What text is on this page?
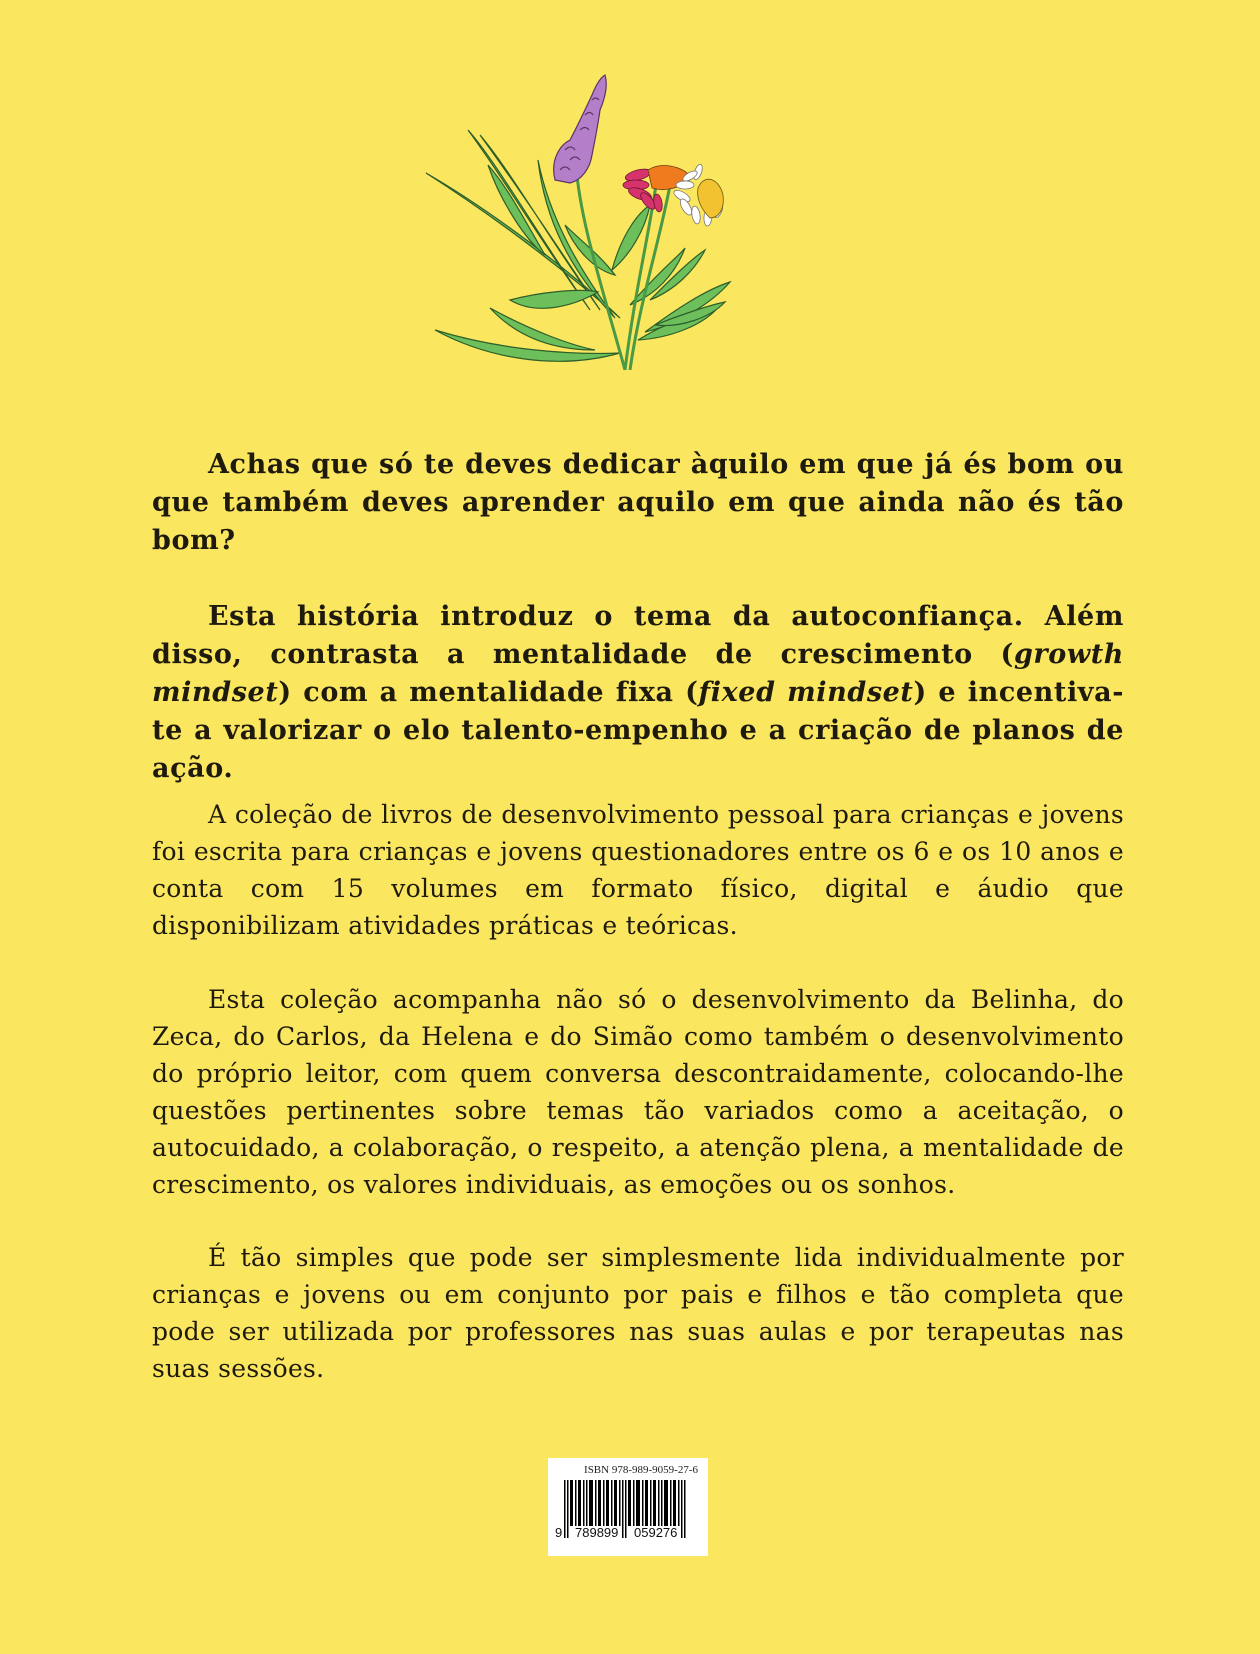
Achas que só te deves dedicar àquilo em que já és bom ou que também deves aprender aquilo em que ainda não és tão bom?

Esta história introduz o tema da autoconfiança. Além disso, contrasta a mentalidade de crescimento (growth mindset) com a mentalidade fixa (fixed mindset) e incentiva-te a valorizar o elo talento-empenho e a criação de planos de ação.

A coleção de livros de desenvolvimento pessoal para crianças e jovens foi escrita para crianças e jovens questionadores entre os 6 e os 10 anos e conta com 15 volumes em formato físico, digital e áudio que disponibilizam atividades práticas e teóricas.

Esta coleção acompanha não só o desenvolvimento da Belinha, do Zeca, do Carlos, da Helena e do Simão como também o desenvolvimento do próprio leitor, com quem conversa descontraidamente, colocando-lhe questões pertinentes sobre temas tão variados como a aceitação, o autocuidado, a colaboração, o respeito, a atenção plena, a mentalidade de crescimento, os valores individuais, as emoções ou os sonhos.

É tão simples que pode ser simplesmente lida individualmente por crianças e jovens ou em conjunto por pais e filhos e tão completa que pode ser utilizada por professores nas suas aulas e por terapeutas nas suas sessões.

ISBN 978-989-9059-27-6
9 789899 059276
